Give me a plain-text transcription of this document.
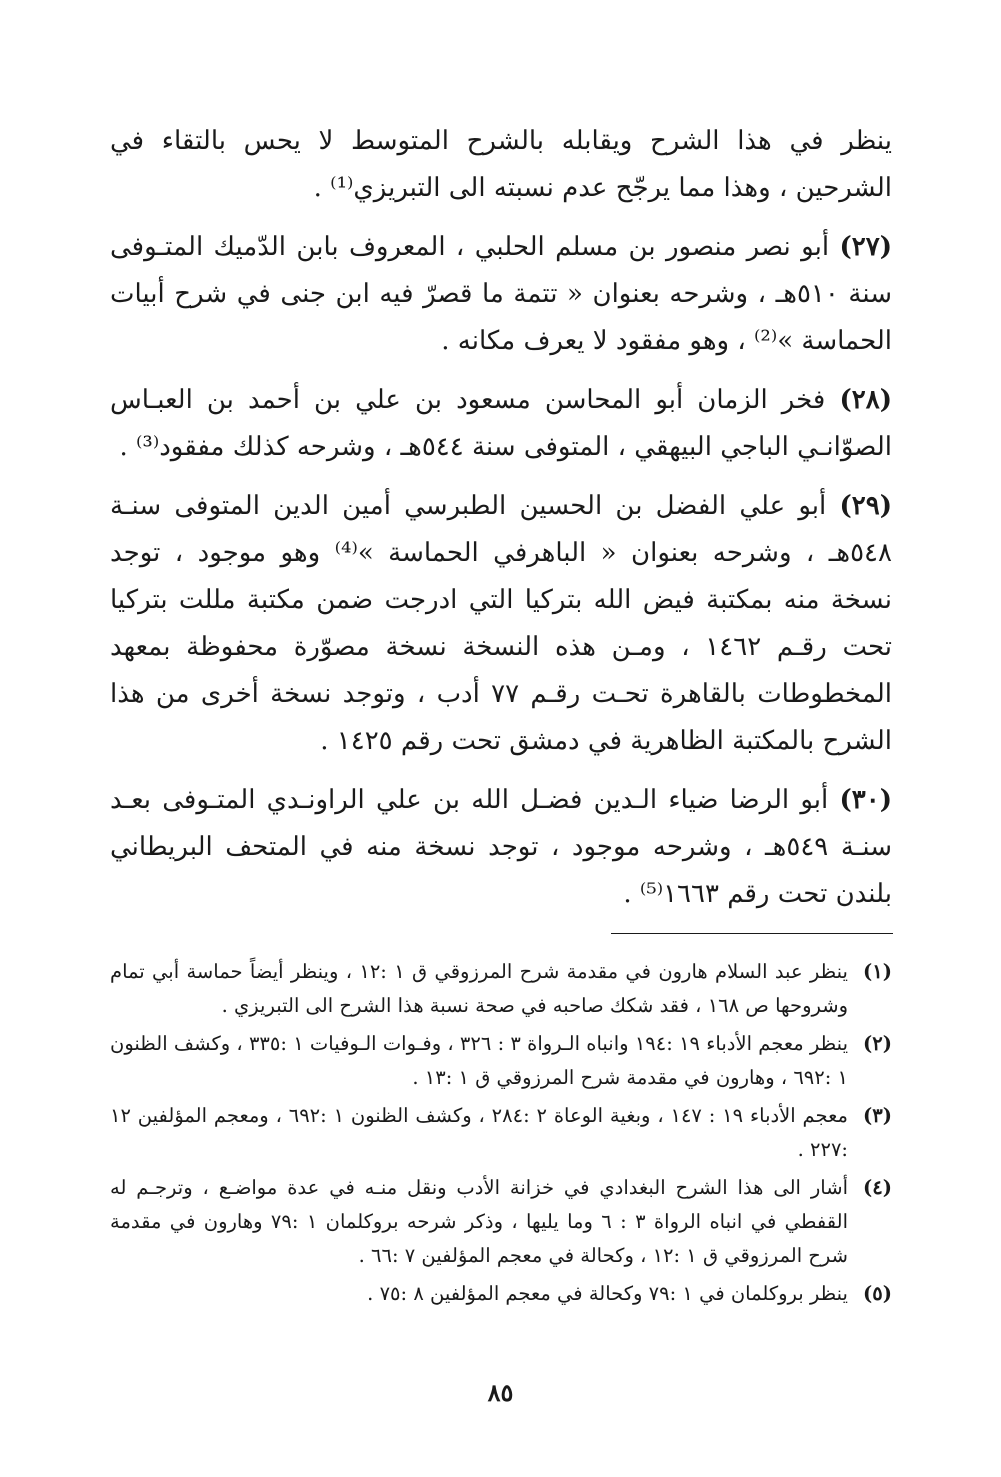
ينظر في هذا الشرح ويقابله بالشرح المتوسط لا يحس بالتقاء في الشرحين ، وهذا مما يرجّح عدم نسبته الى التبريزي⁽¹⁾ .

(٢٧) أبو نصر منصور بن مسلم الحلبي ، المعروف بابن الدّميك المتـوفى سنة ٥١٠هـ ، وشرحه بعنوان « تتمة ما قصرّ فيه ابن جنى في شرح أبيات الحماسة »⁽²⁾ ، وهو مفقود لا يعرف مكانه .

(٢٨) فخر الزمان أبو المحاسن مسعود بن علي بن أحمد بن العبـاس الصوّانـي الباجي البيهقي ، المتوفى سنة ٥٤٤هـ ، وشرحه كذلك مفقود⁽³⁾ .

(٢٩) أبو علي الفضل بن الحسين الطبرسي أمين الدين المتوفى سنـة ٥٤٨هـ ، وشرحه بعنوان « الباهرفي الحماسة »⁽⁴⁾ وهو موجود ، توجد نسخة منه بمكتبة فيض الله بتركيا التي ادرجت ضمن مكتبة مللت بتركيا تحت رقـم ١٤٦٢ ، ومـن هذه النسخة نسخة مصوّرة محفوظة بمعهد المخطوطات بالقاهرة تحـت رقـم ٧٧ أدب ، وتوجد نسخة أخرى من هذا الشرح بالمكتبة الظاهرية في دمشق تحت رقم ١٤٢٥ .

(٣٠) أبو الرضا ضياء الـدين فضـل الله بن علي الراونـدي المتـوفى بعـد سنـة ٥٤٩هـ ، وشرحه موجود ، توجد نسخة منه في المتحف البريطاني بلندن تحت رقم ١٦٦٣⁽⁵⁾ .

(١)
ينظر عبد السلام هارون في مقدمة شرح المرزوقي ق ١ :١٢ ، وينظر أيضاً حماسة أبي تمام وشروحها ص ١٦٨ ، فقد شكك صاحبه في صحة نسبة هذا الشرح الى التبريزي .
(٢)
ينظر معجم الأدباء ١٩ :١٩٤ وانباه الـرواة ٣ : ٣٢٦ ، وفـوات الـوفيات ١ :٣٣٥ ، وكشف الظنون ١ :٦٩٢ ، وهارون في مقدمة شرح المرزوقي ق ١ :١٣ .
(٣)
معجم الأدباء ١٩ : ١٤٧ ، وبغية الوعاة ٢ :٢٨٤ ، وكشف الظنون ١ :٦٩٢ ، ومعجم المؤلفين ١٢ :٢٢٧ .
(٤)
أشار الى هذا الشرح البغدادي في خزانة الأدب ونقل منـه في عدة مواضـع ، وترجـم له القفطي في انباه الرواة ٣ : ٦ وما يليها ، وذكر شرحه بروكلمان ١ :٧٩ وهارون في مقدمة شرح المرزوقي ق ١ :١٢ ، وكحالة في معجم المؤلفين ٧ :٦٦ .
(٥)
ينظر بروكلمان في ١ :٧٩ وكحالة في معجم المؤلفين ٨ :٧٥ .
٨٥
